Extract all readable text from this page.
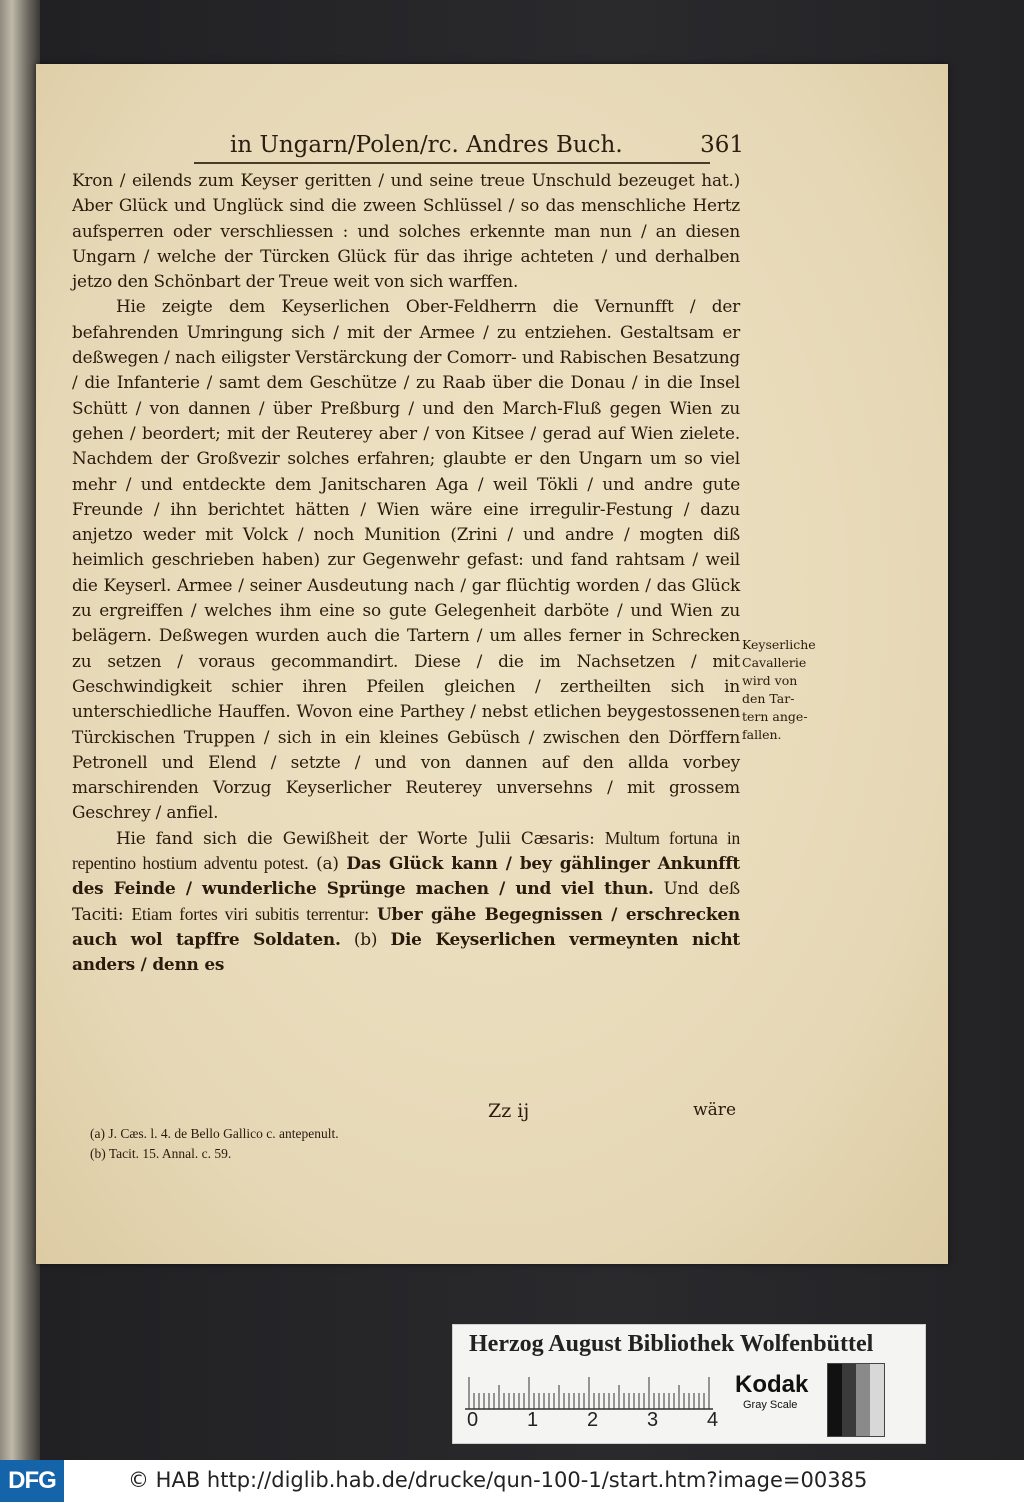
in Ungarn/Polen/rc. Andres Buch.	361

Kron / eilends zum Keyser geritten / und seine treue Unschuld bezeuget hat.) Aber Glück und Unglück sind die zween Schlüssel / so das menschliche Hertz aufsperren oder verschliessen : und solches erkennte man nun / an diesen Ungarn / welche der Türcken Glück für das ihrige achteten / und derhalben jetzo den Schönbart der Treue weit von sich warffen.

Hie zeigte dem Keyserlichen Ober-Feldherrn die Vernunfft / der befahrenden Umringung sich / mit der Armee / zu entziehen. Gestaltsam er deßwegen / nach eiligster Verstärckung der Comorr- und Rabischen Besatzung / die Infanterie / samt dem Geschütze / zu Raab über die Donau / in die Insel Schütt / von dannen / über Preßburg / und den March-Fluß gegen Wien zu gehen / beordert; mit der Reuterey aber / von Kitsee / gerad auf Wien zielete. Nachdem der Großvezir solches erfahren; glaubte er den Ungarn um so viel mehr / und entdeckte dem Janitscharen Aga / weil Tökli / und andre gute Freunde / ihn berichtet hätten / Wien wäre eine irregulir-Festung / dazu anjetzo weder mit Volck / noch Munition (Zrini / und andre / mogten diß heimlich geschrieben haben) zur Gegenwehr gefast: und fand rahtsam / weil die Keyserl. Armee / seiner Ausdeutung nach / gar flüchtig worden / das Glück zu ergreiffen / welches ihm eine so gute Gelegenheit darböte / und Wien zu belägern. Deßwegen wurden auch die Tartern / um alles ferner in Schrecken zu setzen / voraus gecommandirt. Diese / die im Nachsetzen / mit Geschwindigkeit schier ihren Pfeilen gleichen / zertheilten sich in unterschiedliche Hauffen. Wovon eine Parthey / nebst etlichen beygestossenen Türckischen Truppen / sich in ein kleines Gebüsch / zwischen den Dörffern Petronell und Elend / setzte / und von dannen auf den allda vorbey marschirenden Vorzug Keyserlicher Reuterey unversehns / mit grossem Geschrey / anfiel.

Hie fand sich die Gewißheit der Worte Julii Cæsaris: Multum fortuna in repentino hostium adventu potest. (a) Das Glück kann / bey gählinger Ankunfft des Feinde / wunderliche Sprünge machen / und viel thun. Und deß Taciti: Etiam fortes viri subitis terrentur: Uber gähe Begegnissen / erschrecken auch wol tapffre Soldaten. (b) Die Keyserlichen vermeynten nicht anders / denn es

Keyserliche
Cavallerie
wird von
den Tar-
tern ange-
fallen.
Zz ij	wäre
(a) J. Cæs. l. 4. de Bello Gallico c. antepenult.
(b) Tacit. 15. Annal. c. 59.
Herzog August Bibliothek Wolfenbüttel
0 1 2 3 4
Kodak
Gray Scale
DFG	© HAB http://diglib.hab.de/drucke/qun-100-1/start.htm?image=00385
